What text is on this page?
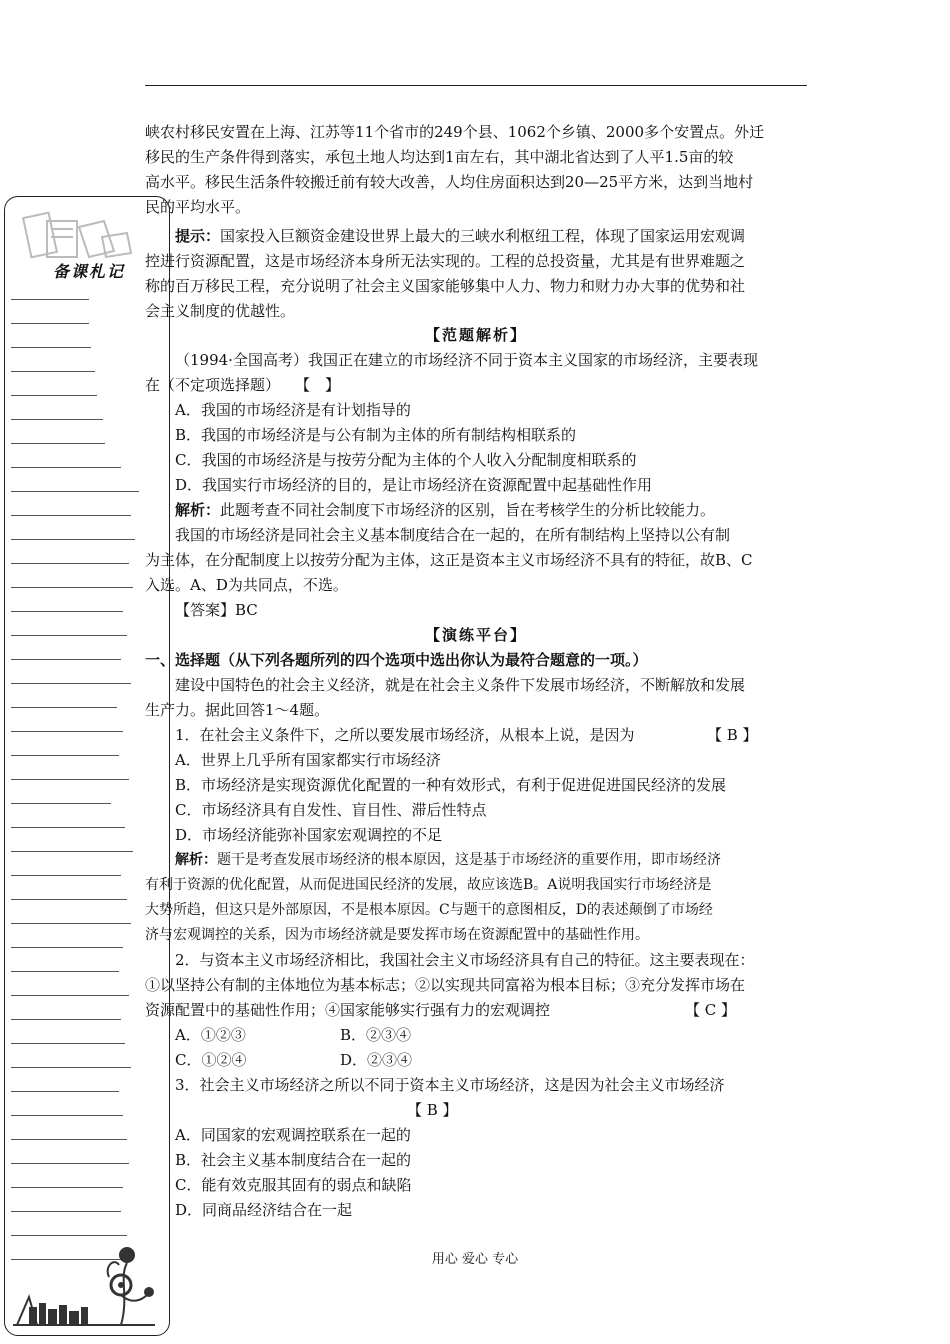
备课札记
峡农村移民安置在上海、江苏等11个省市的249个县、1062个乡镇、2000多个安置点。外迁
移民的生产条件得到落实，承包土地人均达到1亩左右，其中湖北省达到了人平1.5亩的较
高水平。移民生活条件较搬迁前有较大改善，人均住房面积达到20—25平方米，达到当地村
民的平均水平。
提示：国家投入巨额资金建设世界上最大的三峡水利枢纽工程，体现了国家运用宏观调
控进行资源配置，这是市场经济本身所无法实现的。工程的总投资量，尤其是有世界难题之
称的百万移民工程，充分说明了社会主义国家能够集中人力、物力和财力办大事的优势和社
会主义制度的优越性。
【范题解析】
（1994·全国高考）我国正在建立的市场经济不同于资本主义国家的市场经济，主要表现
在（不定项选择题）　　【　】
A．我国的市场经济是有计划指导的
B．我国的市场经济是与公有制为主体的所有制结构相联系的
C．我国的市场经济是与按劳分配为主体的个人收入分配制度相联系的
D．我国实行市场经济的目的，是让市场经济在资源配置中起基础性作用
解析：此题考查不同社会制度下市场经济的区别，旨在考核学生的分析比较能力。
我国的市场经济是同社会主义基本制度结合在一起的，在所有制结构上坚持以公有制
为主体，在分配制度上以按劳分配为主体，这正是资本主义市场经济不具有的特征，故B、C
入选。A、D为共同点，不选。
【答案】BC
【演练平台】
一、选择题（从下列各题所列的四个选项中选出你认为最符合题意的一项。）
建设中国特色的社会主义经济，就是在社会主义条件下发展市场经济，不断解放和发展
生产力。据此回答1～4题。
1．在社会主义条件下，之所以要发展市场经济，从根本上说，是因为	【 B 】
A．世界上几乎所有国家都实行市场经济
B．市场经济是实现资源优化配置的一种有效形式，有利于促进促进国民经济的发展
C．市场经济具有自发性、盲目性、滞后性特点
D．市场经济能弥补国家宏观调控的不足
解析：题干是考查发展市场经济的根本原因，这是基于市场经济的重要作用，即市场经济
有利于资源的优化配置，从而促进国民经济的发展，故应该选B。A说明我国实行市场经济是
大势所趋，但这只是外部原因，不是根本原因。C与题干的意图相反，D的表述颠倒了市场经
济与宏观调控的关系，因为市场经济就是要发挥市场在资源配置中的基础性作用。
2．与资本主义市场经济相比，我国社会主义市场经济具有自己的特征。这主要表现在：
①以坚持公有制的主体地位为基本标志；②以实现共同富裕为根本目标；③充分发挥市场在
资源配置中的基础性作用；④国家能够实行强有力的宏观调控	【 C 】
A．①②③	B．②③④
C．①②④	D．②③④
3．社会主义市场经济之所以不同于资本主义市场经济，这是因为社会主义市场经济
【 B 】
A．同国家的宏观调控联系在一起的
B．社会主义基本制度结合在一起的
C．能有效克服其固有的弱点和缺陷
D．同商品经济结合在一起
用心 爱心 专心
